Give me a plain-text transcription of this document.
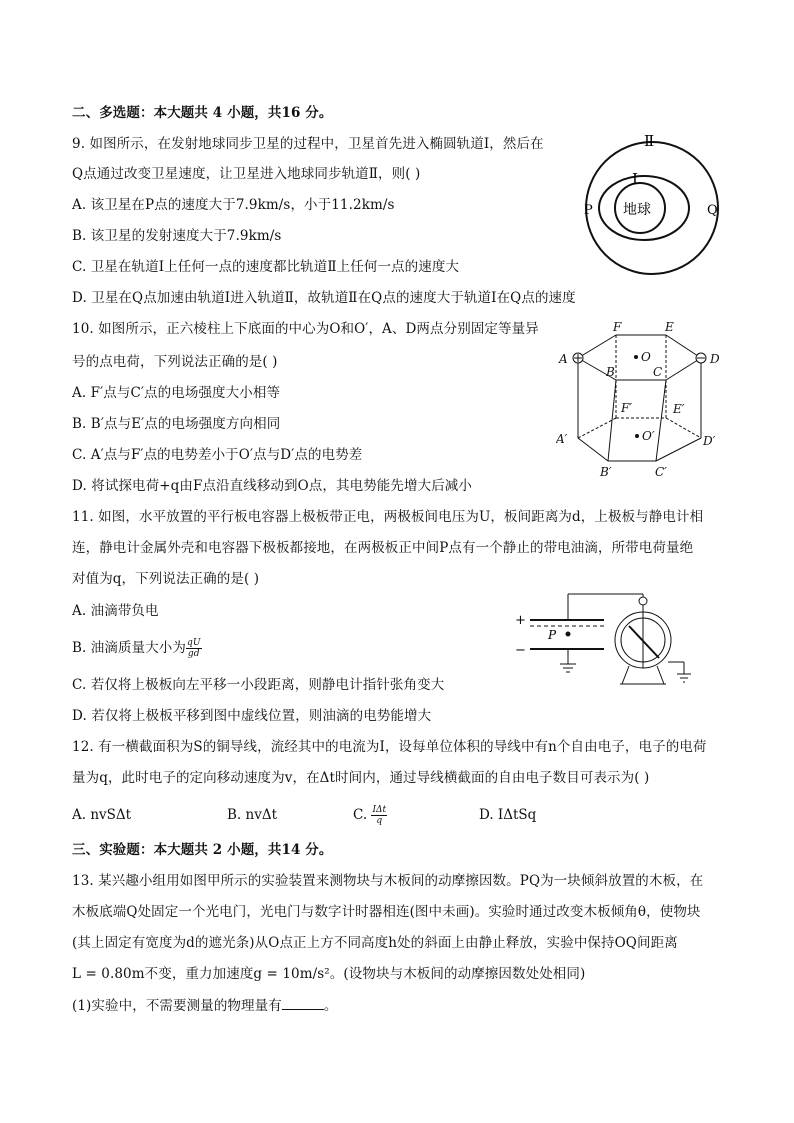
二、多选题：本大题共 4 小题，共16 分。
9. 如图所示，在发射地球同步卫星的过程中，卫星首先进入椭圆轨道Ⅰ，然后在
Q点通过改变卫星速度，让卫星进入地球同步轨道Ⅱ，则( )
A. 该卫星在P点的速度大于7.9km/s，小于11.2km/s
B. 该卫星的发射速度大于7.9km/s
C. 卫星在轨道Ⅰ上任何一点的速度都比轨道Ⅱ上任何一点的速度大
D. 卫星在Q点加速由轨道Ⅰ进入轨道Ⅱ，故轨道Ⅱ在Q点的速度大于轨道Ⅰ在Q点的速度
Ⅱ
Ⅰ
地球
P	Q
10. 如图所示，正六棱柱上下底面的中心为O和O′，A、D两点分别固定等量异
号的点电荷，下列说法正确的是( )
A. F′点与C′点的电场强度大小相等
B. B′点与E′点的电场强度方向相同
C. A′点与F′点的电势差小于O′点与D′点的电势差
D. 将试探电荷+q由F点沿直线移动到O点，其电势能先增大后减小
F	E
A	D
B	C
O
F′	E′
A′	D′
O′
B′	C′
11. 如图，水平放置的平行板电容器上极板带正电，两极板间电压为U，板间距离为d，上极板与静电计相
连，静电计金属外壳和电容器下极板都接地，在两极板正中间P点有一个静止的带电油滴，所带电荷量绝
对值为q，下列说法正确的是( )
A. 油滴带负电
B. 油滴质量大小为 $\frac{qU}{gd}$
C. 若仅将上极板向左平移一小段距离，则静电计指针张角变大
D. 若仅将上极板平移到图中虚线位置，则油滴的电势能增大
+
−
P
12. 有一横截面积为S的铜导线，流经其中的电流为I，设每单位体积的导线中有n个自由电子，电子的电荷
量为q，此时电子的定向移动速度为v，在Δt时间内，通过导线横截面的自由电子数目可表示为( )
A. nvSΔt	B. nvΔt	C. $\frac{\text{IΔt}}{q}$	D. IΔtSq
三、实验题：本大题共 2 小题，共14 分。
13. 某兴趣小组用如图甲所示的实验装置来测物块与木板间的动摩擦因数。PQ为一块倾斜放置的木板，在
木板底端Q处固定一个光电门，光电门与数字计时器相连(图中未画)。实验时通过改变木板倾角θ，使物块
(其上固定有宽度为d的遮光条)从O点正上方不同高度h处的斜面上由静止释放，实验中保持OQ间距离
L = 0.80m不变，重力加速度g = 10m/s²。(设物块与木板间的动摩擦因数处处相同)
(1)实验中，不需要测量的物理量有	。
